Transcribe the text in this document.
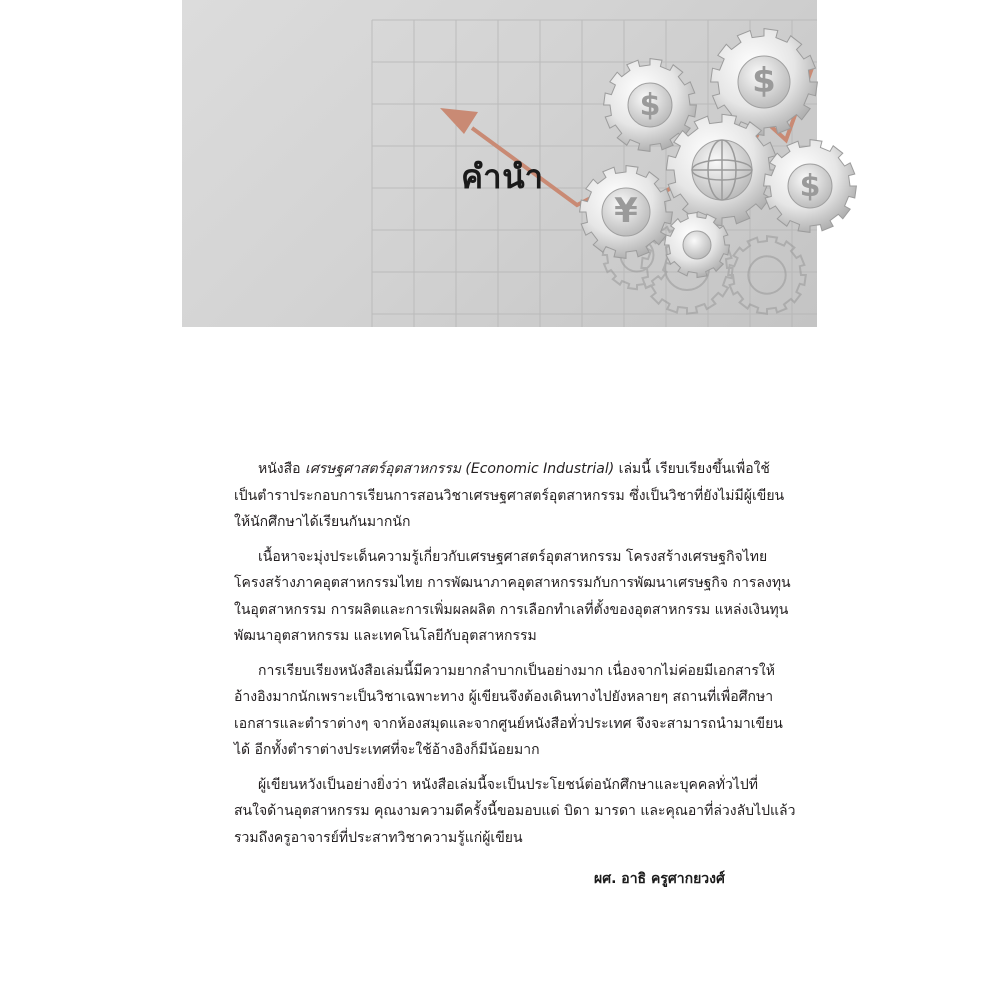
$
$
¥
$
คำนำ

หนังสือ เศรษฐศาสตร์อุตสาหกรรม (Economic Industrial) เล่มนี้ เรียบเรียงขึ้นเพื่อใช้
เป็นตำราประกอบการเรียนการสอนวิชาเศรษฐศาสตร์อุตสาหกรรม ซึ่งเป็นวิชาที่ยังไม่มีผู้เขียน
ให้นักศึกษาได้เรียนกันมากนัก

เนื้อหาจะมุ่งประเด็นความรู้เกี่ยวกับเศรษฐศาสตร์อุตสาหกรรม โครงสร้างเศรษฐกิจไทย
โครงสร้างภาคอุตสาหกรรมไทย การพัฒนาภาคอุตสาหกรรมกับการพัฒนาเศรษฐกิจ การลงทุน
ในอุตสาหกรรม การผลิตและการเพิ่มผลผลิต การเลือกทำเลที่ตั้งของอุตสาหกรรม แหล่งเงินทุน
พัฒนาอุตสาหกรรม และเทคโนโลยีกับอุตสาหกรรม

การเรียบเรียงหนังสือเล่มนี้มีความยากลำบากเป็นอย่างมาก เนื่องจากไม่ค่อยมีเอกสารให้
อ้างอิงมากนักเพราะเป็นวิชาเฉพาะทาง ผู้เขียนจึงต้องเดินทางไปยังหลายๆ สถานที่เพื่อศึกษา
เอกสารและตำราต่างๆ จากห้องสมุดและจากศูนย์หนังสือทั่วประเทศ จึงจะสามารถนำมาเขียน
ได้ อีกทั้งตำราต่างประเทศที่จะใช้อ้างอิงก็มีน้อยมาก

ผู้เขียนหวังเป็นอย่างยิ่งว่า หนังสือเล่มนี้จะเป็นประโยชน์ต่อนักศึกษาและบุคคลทั่วไปที่
สนใจด้านอุตสาหกรรม คุณงามความดีครั้งนี้ขอมอบแด่ บิดา มารดา และคุณอาที่ล่วงลับไปแล้ว
รวมถึงครูอาจารย์ที่ประสาทวิชาความรู้แก่ผู้เขียน

ผศ. อาธิ ครูศากยวงศ์
